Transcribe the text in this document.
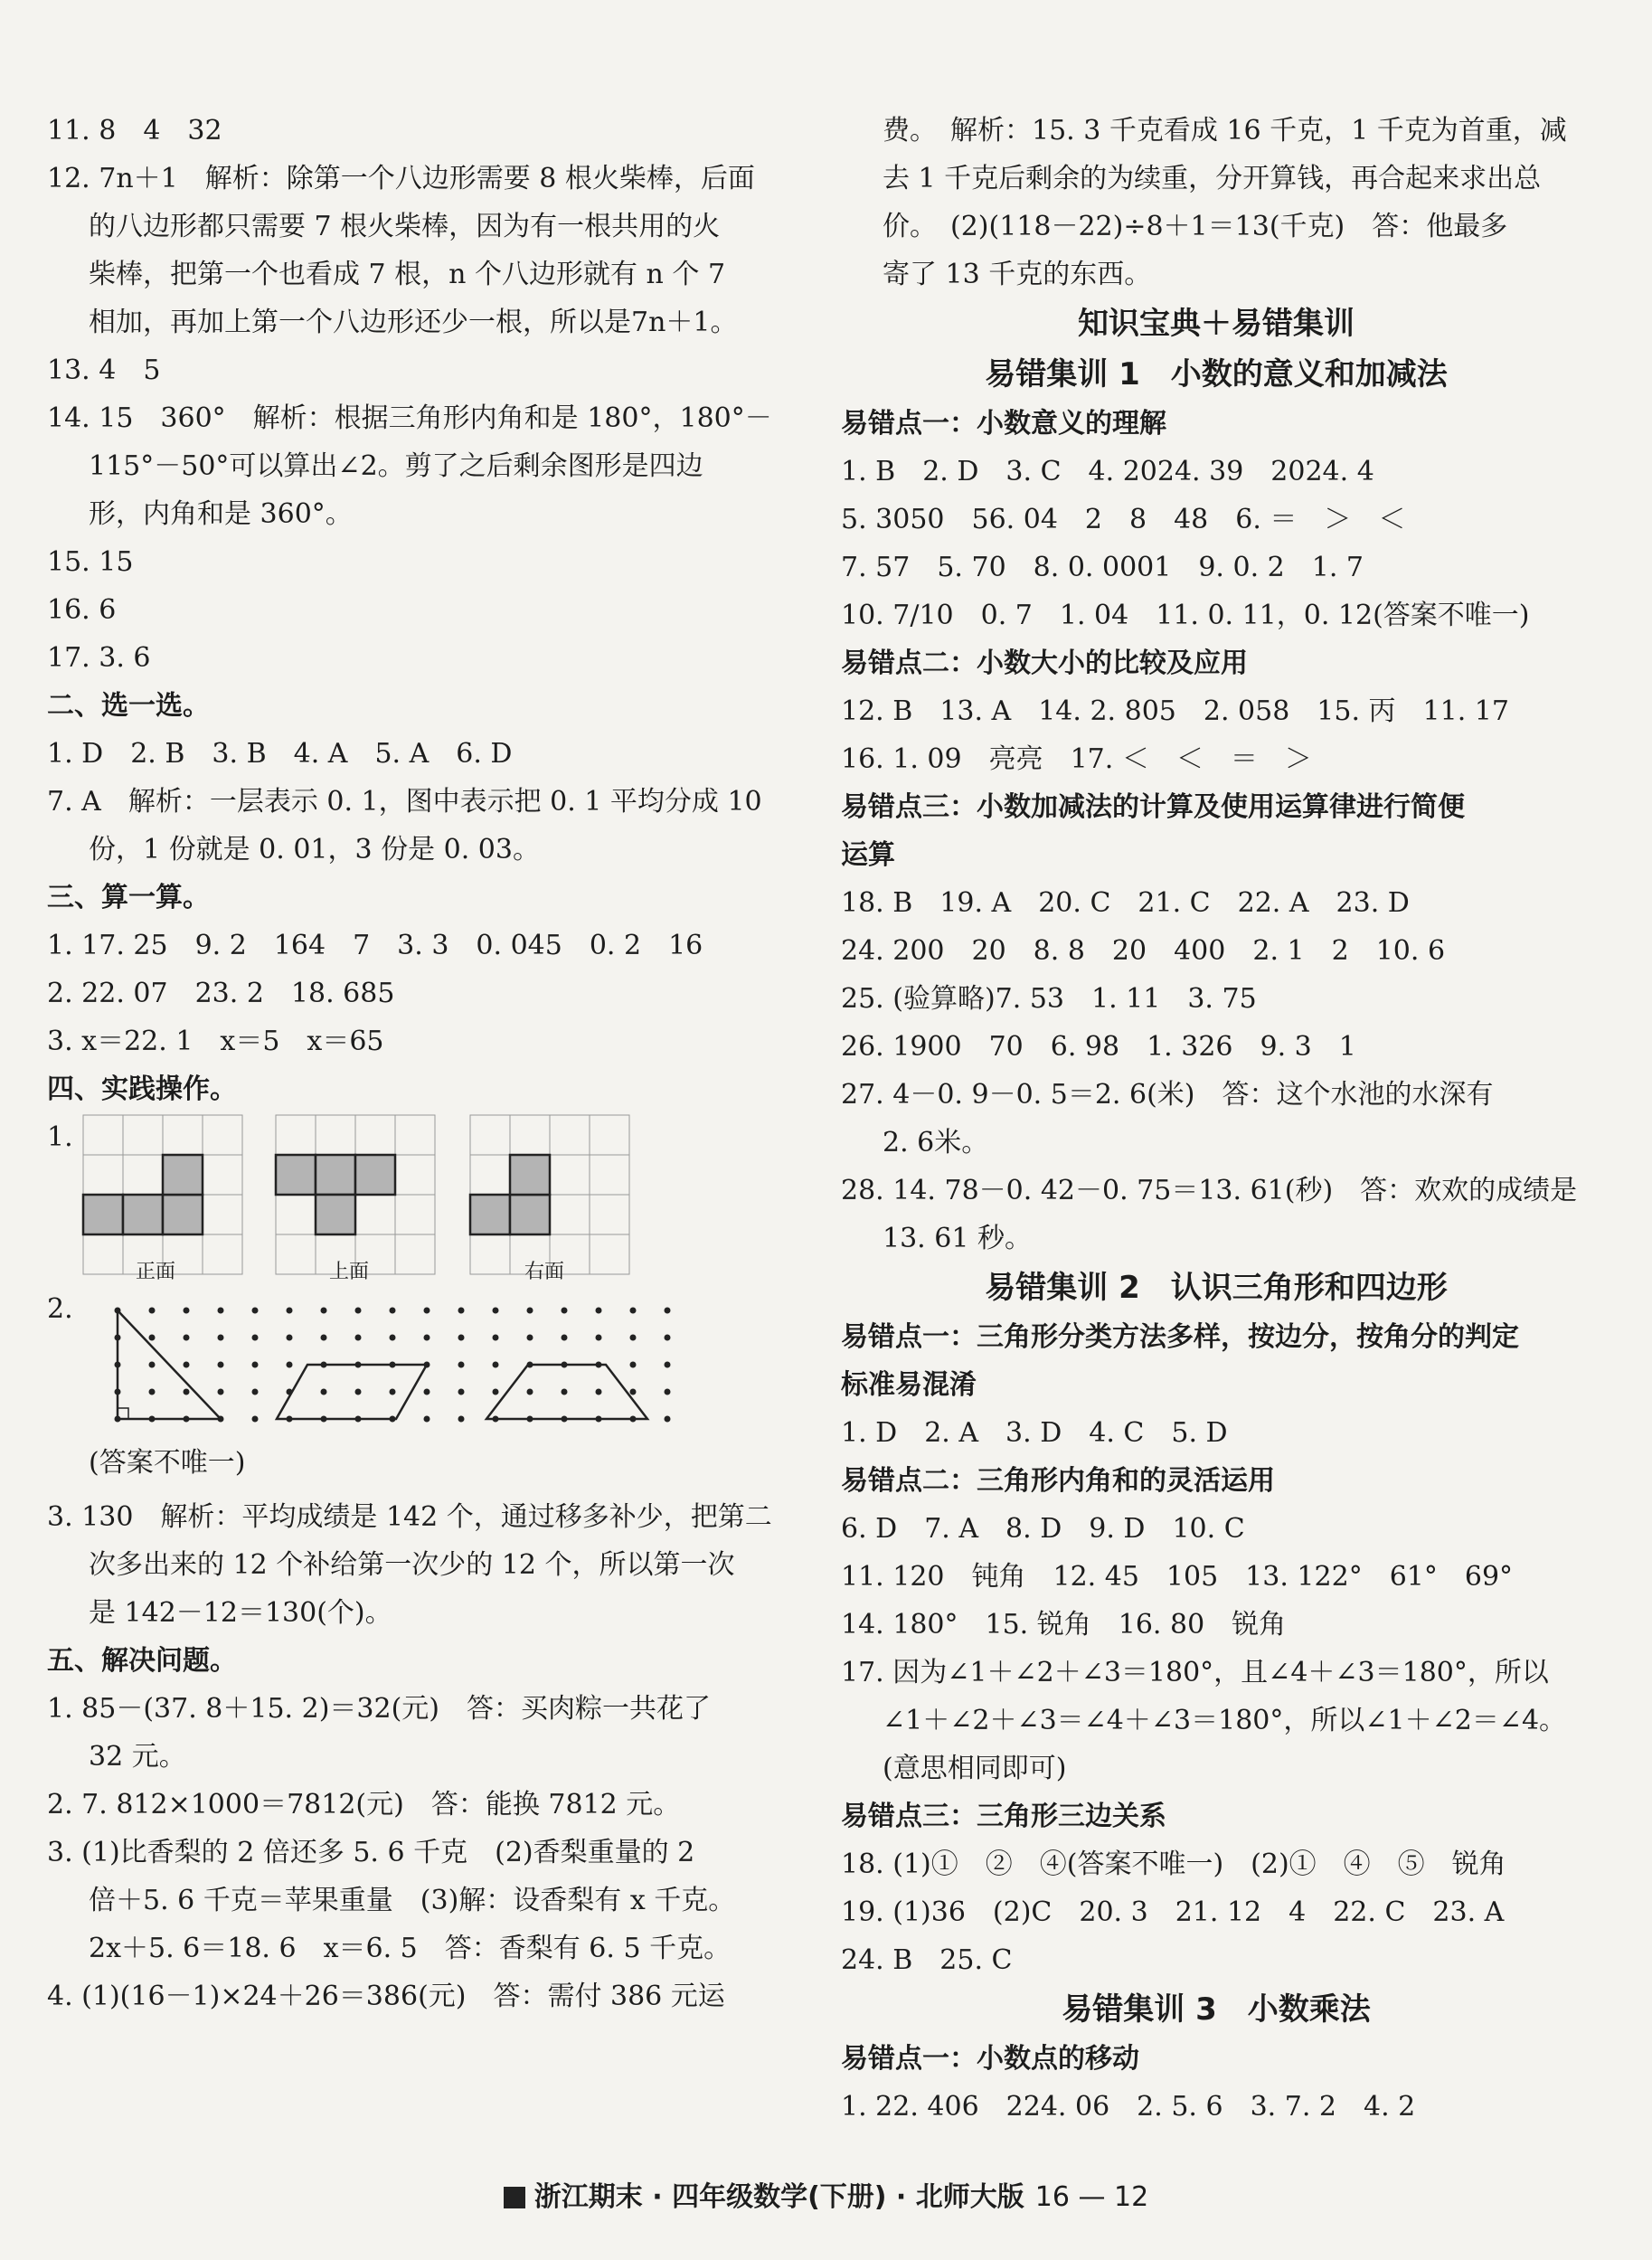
11. 8　4　32
12. 7n＋1　解析：除第一个八边形需要 8 根火柴棒，后面
的八边形都只需要 7 根火柴棒，因为有一根共用的火
柴棒，把第一个也看成 7 根，n 个八边形就有 n 个 7
相加，再加上第一个八边形还少一根，所以是7n＋1。
13. 4　5
14. 15　360°　解析：根据三角形内角和是 180°，180°－
115°－50°可以算出∠2。剪了之后剩余图形是四边
形，内角和是 360°。
15. 15
16. 6
17. 3. 6
二、选一选。
1. D　2. B　3. B　4. A　5. A　6. D
7. A　解析：一层表示 0. 1，图中表示把 0. 1 平均分成 10
份，1 份就是 0. 01，3 份是 0. 03。
三、算一算。
1. 17. 25　9. 2　164　7　3. 3　0. 045　0. 2　16
2. 22. 07　23. 2　18. 685
3. x＝22. 1　x＝5　x＝65
四、实践操作。
1.
正面	上面	右面
2.
(答案不唯一)
3. 130　解析：平均成绩是 142 个，通过移多补少，把第二
次多出来的 12 个补给第一次少的 12 个，所以第一次
是 142－12＝130(个)。
五、解决问题。
1. 85－(37. 8＋15. 2)＝32(元)　答：买肉粽一共花了
32 元。
2. 7. 812×1000＝7812(元)　答：能换 7812 元。
3. (1)比香梨的 2 倍还多 5. 6 千克　(2)香梨重量的 2
倍＋5. 6 千克＝苹果重量　(3)解：设香梨有 x 千克。
2x＋5. 6＝18. 6　x＝6. 5　答：香梨有 6. 5 千克。
4. (1)(16－1)×24＋26＝386(元)　答：需付 386 元运
费。　解析：15. 3 千克看成 16 千克，1 千克为首重，减
去 1 千克后剩余的为续重，分开算钱，再合起来求出总
价。　(2)(118－22)÷8＋1＝13(千克)　答：他最多
寄了 13 千克的东西。
知识宝典＋易错集训
易错集训 1　小数的意义和加减法
易错点一：小数意义的理解
1. B　2. D　3. C　4. 2024. 39　2024. 4
5. 3050　56. 04　2　8　48　6. ＝　＞　＜
7. 57　5. 70　8. 0. 0001　9. 0. 2　1. 7
10. 7/10　0. 7　1. 04　11. 0. 11，0. 12(答案不唯一)
易错点二：小数大小的比较及应用
12. B　13. A　14. 2. 805　2. 058　15. 丙　11. 17
16. 1. 09　亮亮　17. ＜　＜　＝　＞
易错点三：小数加减法的计算及使用运算律进行简便
运算
18. B　19. A　20. C　21. C　22. A　23. D
24. 200　20　8. 8　20　400　2. 1　2　10. 6
25. (验算略)7. 53　1. 11　3. 75
26. 1900　70　6. 98　1. 326　9. 3　1
27. 4－0. 9－0. 5＝2. 6(米)　答：这个水池的水深有
2. 6米。
28. 14. 78－0. 42－0. 75＝13. 61(秒)　答：欢欢的成绩是
13. 61 秒。
易错集训 2　认识三角形和四边形
易错点一：三角形分类方法多样，按边分，按角分的判定
标准易混淆
1. D　2. A　3. D　4. C　5. D
易错点二：三角形内角和的灵活运用
6. D　7. A　8. D　9. D　10. C
11. 120　钝角　12. 45　105　13. 122°　61°　69°
14. 180°　15. 锐角　16. 80　锐角
17. 因为∠1＋∠2＋∠3＝180°，且∠4＋∠3＝180°，所以
∠1＋∠2＋∠3＝∠4＋∠3＝180°，所以∠1＋∠2＝∠4。
(意思相同即可)
易错点三：三角形三边关系
18. (1)①　②　④(答案不唯一)　(2)①　④　⑤　锐角
19. (1)36　(2)C　20. 3　21. 12　4　22. C　23. A
24. B　25. C
易错集训 3　小数乘法
易错点一：小数点的移动
1. 22. 406　224. 06　2. 5. 6　3. 7. 2　4. 2
浙江期末 · 四年级数学(下册) · 北师大版 16 — 12
